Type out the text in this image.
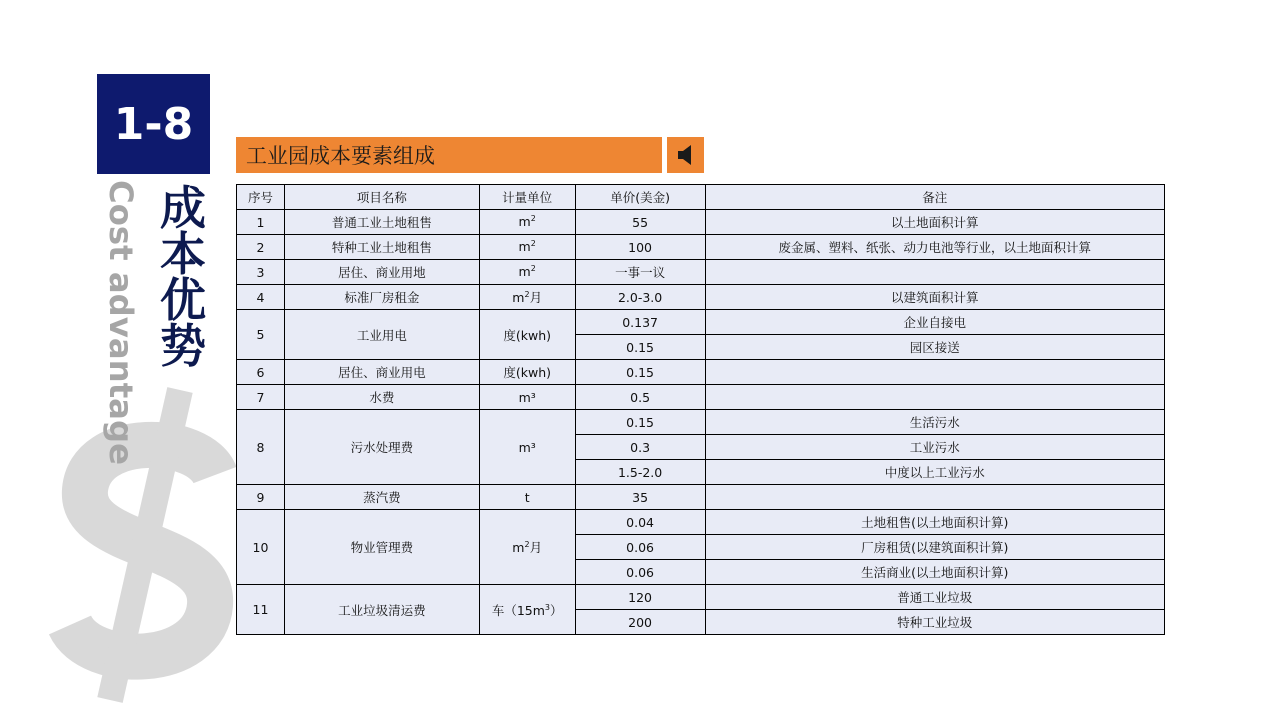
1-8
成
本
优
势
Cost advantage
工业园成本要素组成
序号	项目名称	计量单位	单价(美金)	备注
1	普通工业土地租售	$m^2$	55	以土地面积计算
2	特种工业土地租售	$m^2$	100	废金属、塑料、纸张、动力电池等行业，以土地面积计算
3	居住、商业用地	$m^2$	一事一议	
4	标准厂房租金	$m^2$月	2.0-3.0	以建筑面积计算
5	工业用电	度(kwh)	0.137	企业自接电
			0.15	园区接送
6	居住、商业用电	度(kwh)	0.15	
7	水费	m³	0.5	
8	污水处理费	m³	0.15	生活污水
			0.3	工业污水
			1.5-2.0	中度以上工业污水
9	蒸汽费	t	35	
10	物业管理费	$m^2$月	0.04	土地租售(以土地面积计算)
			0.06	厂房租赁(以建筑面积计算)
			0.06	生活商业(以土地面积计算)
11	工业垃圾清运费	车$(15m^3)$	120	普通工业垃圾
			200	特种工业垃圾
